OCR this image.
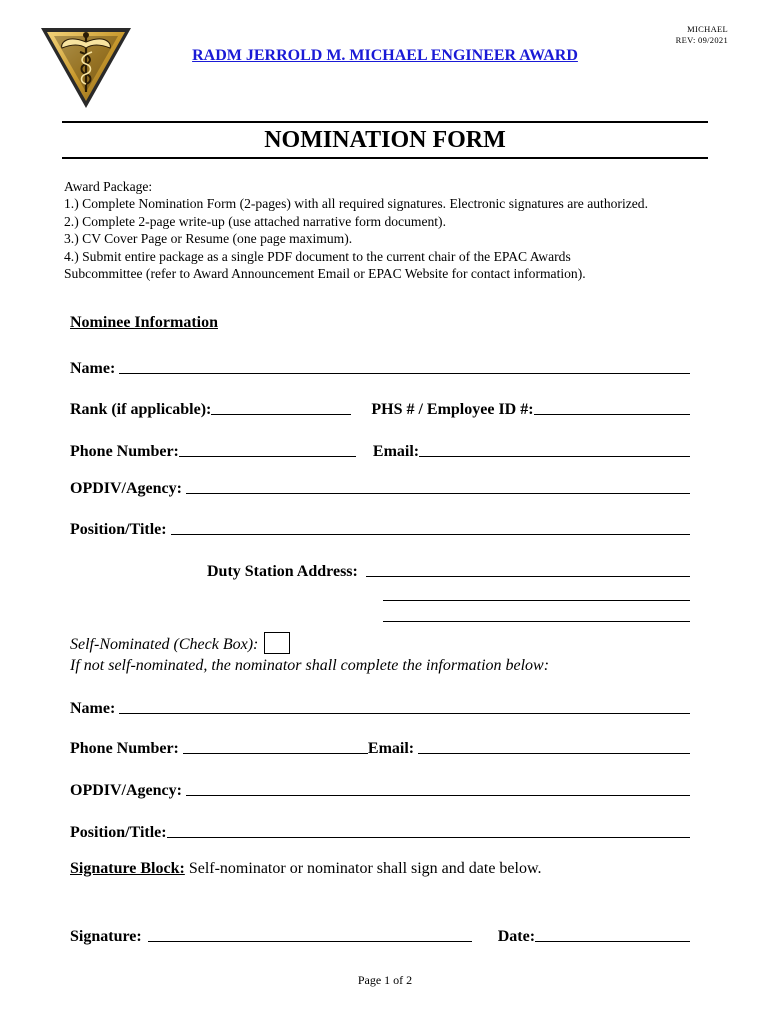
MICHAEL
REV: 09/2021
RADM JERROLD M. MICHAEL ENGINEER AWARD
NOMINATION FORM
Award Package:
1.) Complete Nomination Form (2-pages) with all required signatures. Electronic signatures are authorized.
2.) Complete 2-page write-up (use attached narrative form document).
3.) CV Cover Page or Resume (one page maximum).
4.) Submit entire package as a single PDF document to the current chair of the EPAC Awards
Subcommittee (refer to Award Announcement Email or EPAC Website for contact information).
Nominee Information
Name:
Rank (if applicable):	PHS # / Employee ID #:
Phone Number:	Email:
OPDIV/Agency:
Position/Title:
Duty Station Address:
Self-Nominated (Check Box):
If not self-nominated, the nominator shall complete the information below:
Name:
Phone Number:	Email:
OPDIV/Agency:
Position/Title:
Signature Block: Self-nominator or nominator shall sign and date below.
Signature:	Date:
Page 1 of 2
